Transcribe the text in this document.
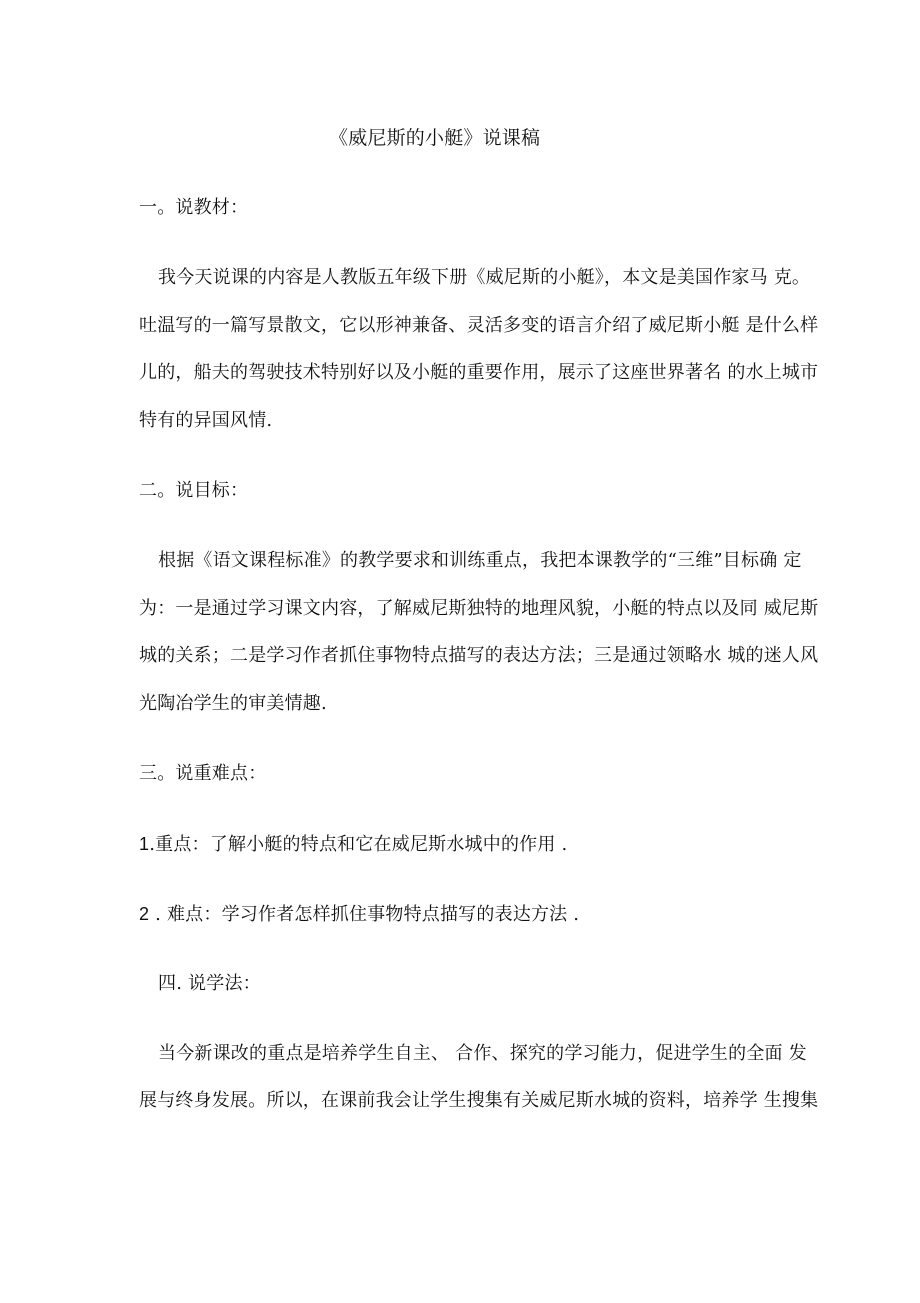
《威尼斯的小艇》说课稿
一。说教材：
我今天说课的内容是人教版五年级下册《威尼斯的小艇》，本文是美国作家马 克。
吐温写的一篇写景散文，它以形神兼备、灵活多变的语言介绍了威尼斯小艇 是什么样
儿的，船夫的驾驶技术特别好以及小艇的重要作用，展示了这座世界著名 的水上城市
特有的异国风情.
二。说目标：
根据《语文课程标准》的教学要求和训练重点，我把本课教学的“三维”目标确 定
为：一是通过学习课文内容，了解威尼斯独特的地理风貌，小艇的特点以及同 威尼斯
城的关系；二是学习作者抓住事物特点描写的表达方法；三是通过领略水 城的迷人风
光陶冶学生的审美情趣.
三。说重难点：
1.重点：了解小艇的特点和它在威尼斯水城中的作用 .
2 . 难点：学习作者怎样抓住事物特点描写的表达方法 .
四. 说学法：
当今新课改的重点是培养学生自主、 合作、探究的学习能力，促进学生的全面 发
展与终身发展。所以，在课前我会让学生搜集有关威尼斯水城的资料，培养学 生搜集
